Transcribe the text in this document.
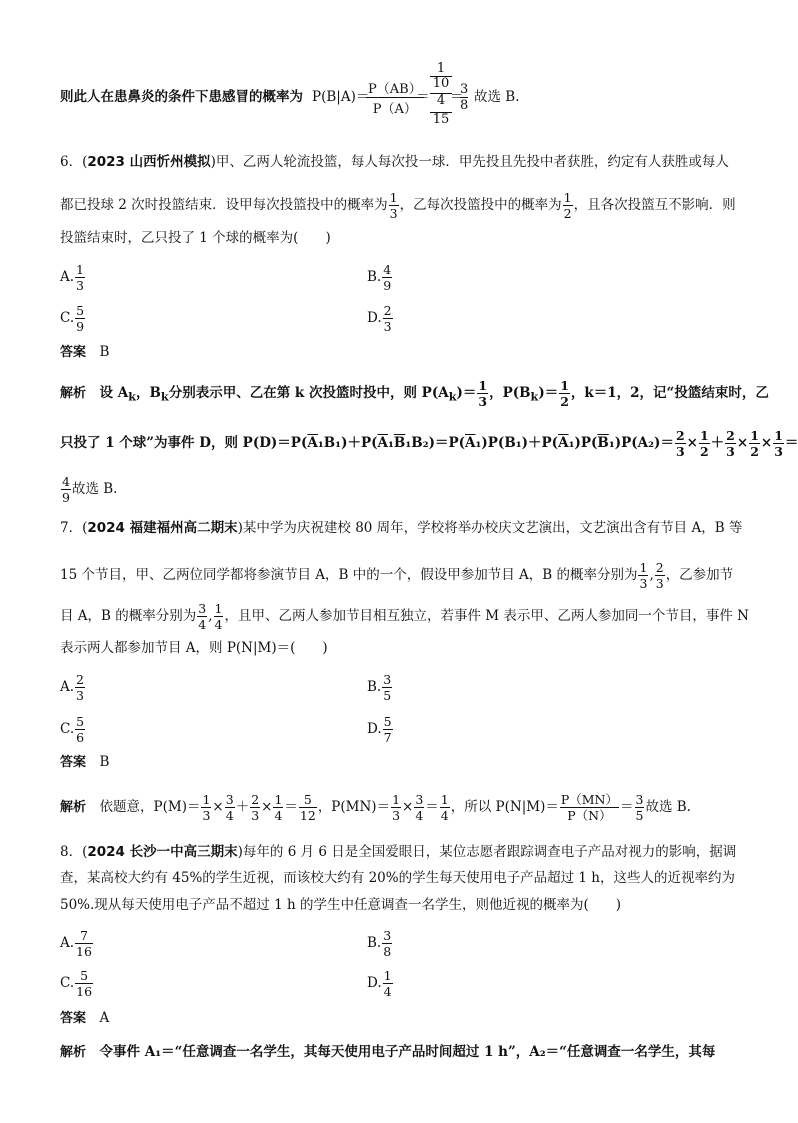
则此人在患鼻炎的条件下患感冒的概率为 P(B|A)＝
$\frac{P(AB)}{P(A)}$
＝
1
10
4
15
＝
$\frac{3}{8}$ 故选 B.
6．(2023 山西忻州模拟)甲、乙两人轮流投篮，每人每次投一球．甲先投且先投中者获胜，约定有人获胜或每人
都已投球 2 次时投篮结束．设甲每次投篮投中的概率为 $\frac{1}{3}$ ，乙每次投篮投中的概率为 $\frac{1}{2}$ ，且各次投篮互不影响．则
投篮结束时，乙只投了 1 个球的概率为(　　)
A. $\frac{1}{3}$	B. $\frac{4}{9}$
C. $\frac{5}{9}$	D. $\frac{2}{3}$
答案　 B
解析　 设 $A_k$，$B_k$分别表示甲、乙在第 k 次投篮时投中，则 $P(A_k)= \frac{1}{3}$ ，$P(B_k)= \frac{1}{2}$ ，k＝1，2，记“投篮结束时，乙
只投了 1 个球”为事件 D，则 $P(D)=P(\overline{A}_1B_1)+P(\overline{A}_1\overline{B}_1B_2)=P(\overline{A}_1)P(B_1)+P(\overline{A}_1)P(\overline{B}_1)P(A_2)= \frac{2}{3} \times \frac{1}{2} + \frac{2}{3} \times \frac{1}{2} \times \frac{1}{3}$ ＝
$\frac{4}{9}$ 故选 B.
7．(2024 福建福州高二期末)某中学为庆祝建校 80 周年，学校将举办校庆文艺演出，文艺演出含有节目 A，B 等
15 个节目，甲、乙两位同学都将参演节目 A，B 中的一个，假设甲参加节目 A，B 的概率分别为 $\frac{1}{3}$ , $\frac{2}{3}$ ，乙参加节
目 A，B 的概率分别为 $\frac{3}{4}$ , $\frac{1}{4}$ ，且甲、乙两人参加节目相互独立，若事件 M 表示甲、乙两人参加同一个节目，事件 N
表示两人都参加节目 A，则 P(N|M)＝(　　)
A. $\frac{2}{3}$	B. $\frac{3}{5}$
C. $\frac{5}{6}$	D. $\frac{5}{7}$
答案　 B
解析　 依题意，$P(M)= \frac{1}{3} \times \frac{3}{4} + \frac{2}{3} \times \frac{1}{4} = \frac{5}{12}$ ，$P(MN)= \frac{1}{3} \times \frac{3}{4} = \frac{1}{4}$ ，所以 $P(N|M)= \frac{P(MN)}{P(N)} = \frac{3}{5}$ 故选 B.
8．(2024 长沙一中高三期末)每年的 6 月 6 日是全国爱眼日，某位志愿者跟踪调查电子产品对视力的影响，据调
查，某高校大约有 45%的学生近视，而该校大约有 20%的学生每天使用电子产品超过 1 h，这些人的近视率约为
50%.现从每天使用电子产品不超过 1 h 的学生中任意调查一名学生，则他近视的概率为(　　)
A. $\frac{7}{16}$	B. $\frac{3}{8}$
C. $\frac{5}{16}$	D. $\frac{1}{4}$
答案　 A
解析　 令事件 A₁＝“任意调查一名学生，其每天使用电子产品时间超过 1 h”，A₂＝“任意调查一名学生，其每
